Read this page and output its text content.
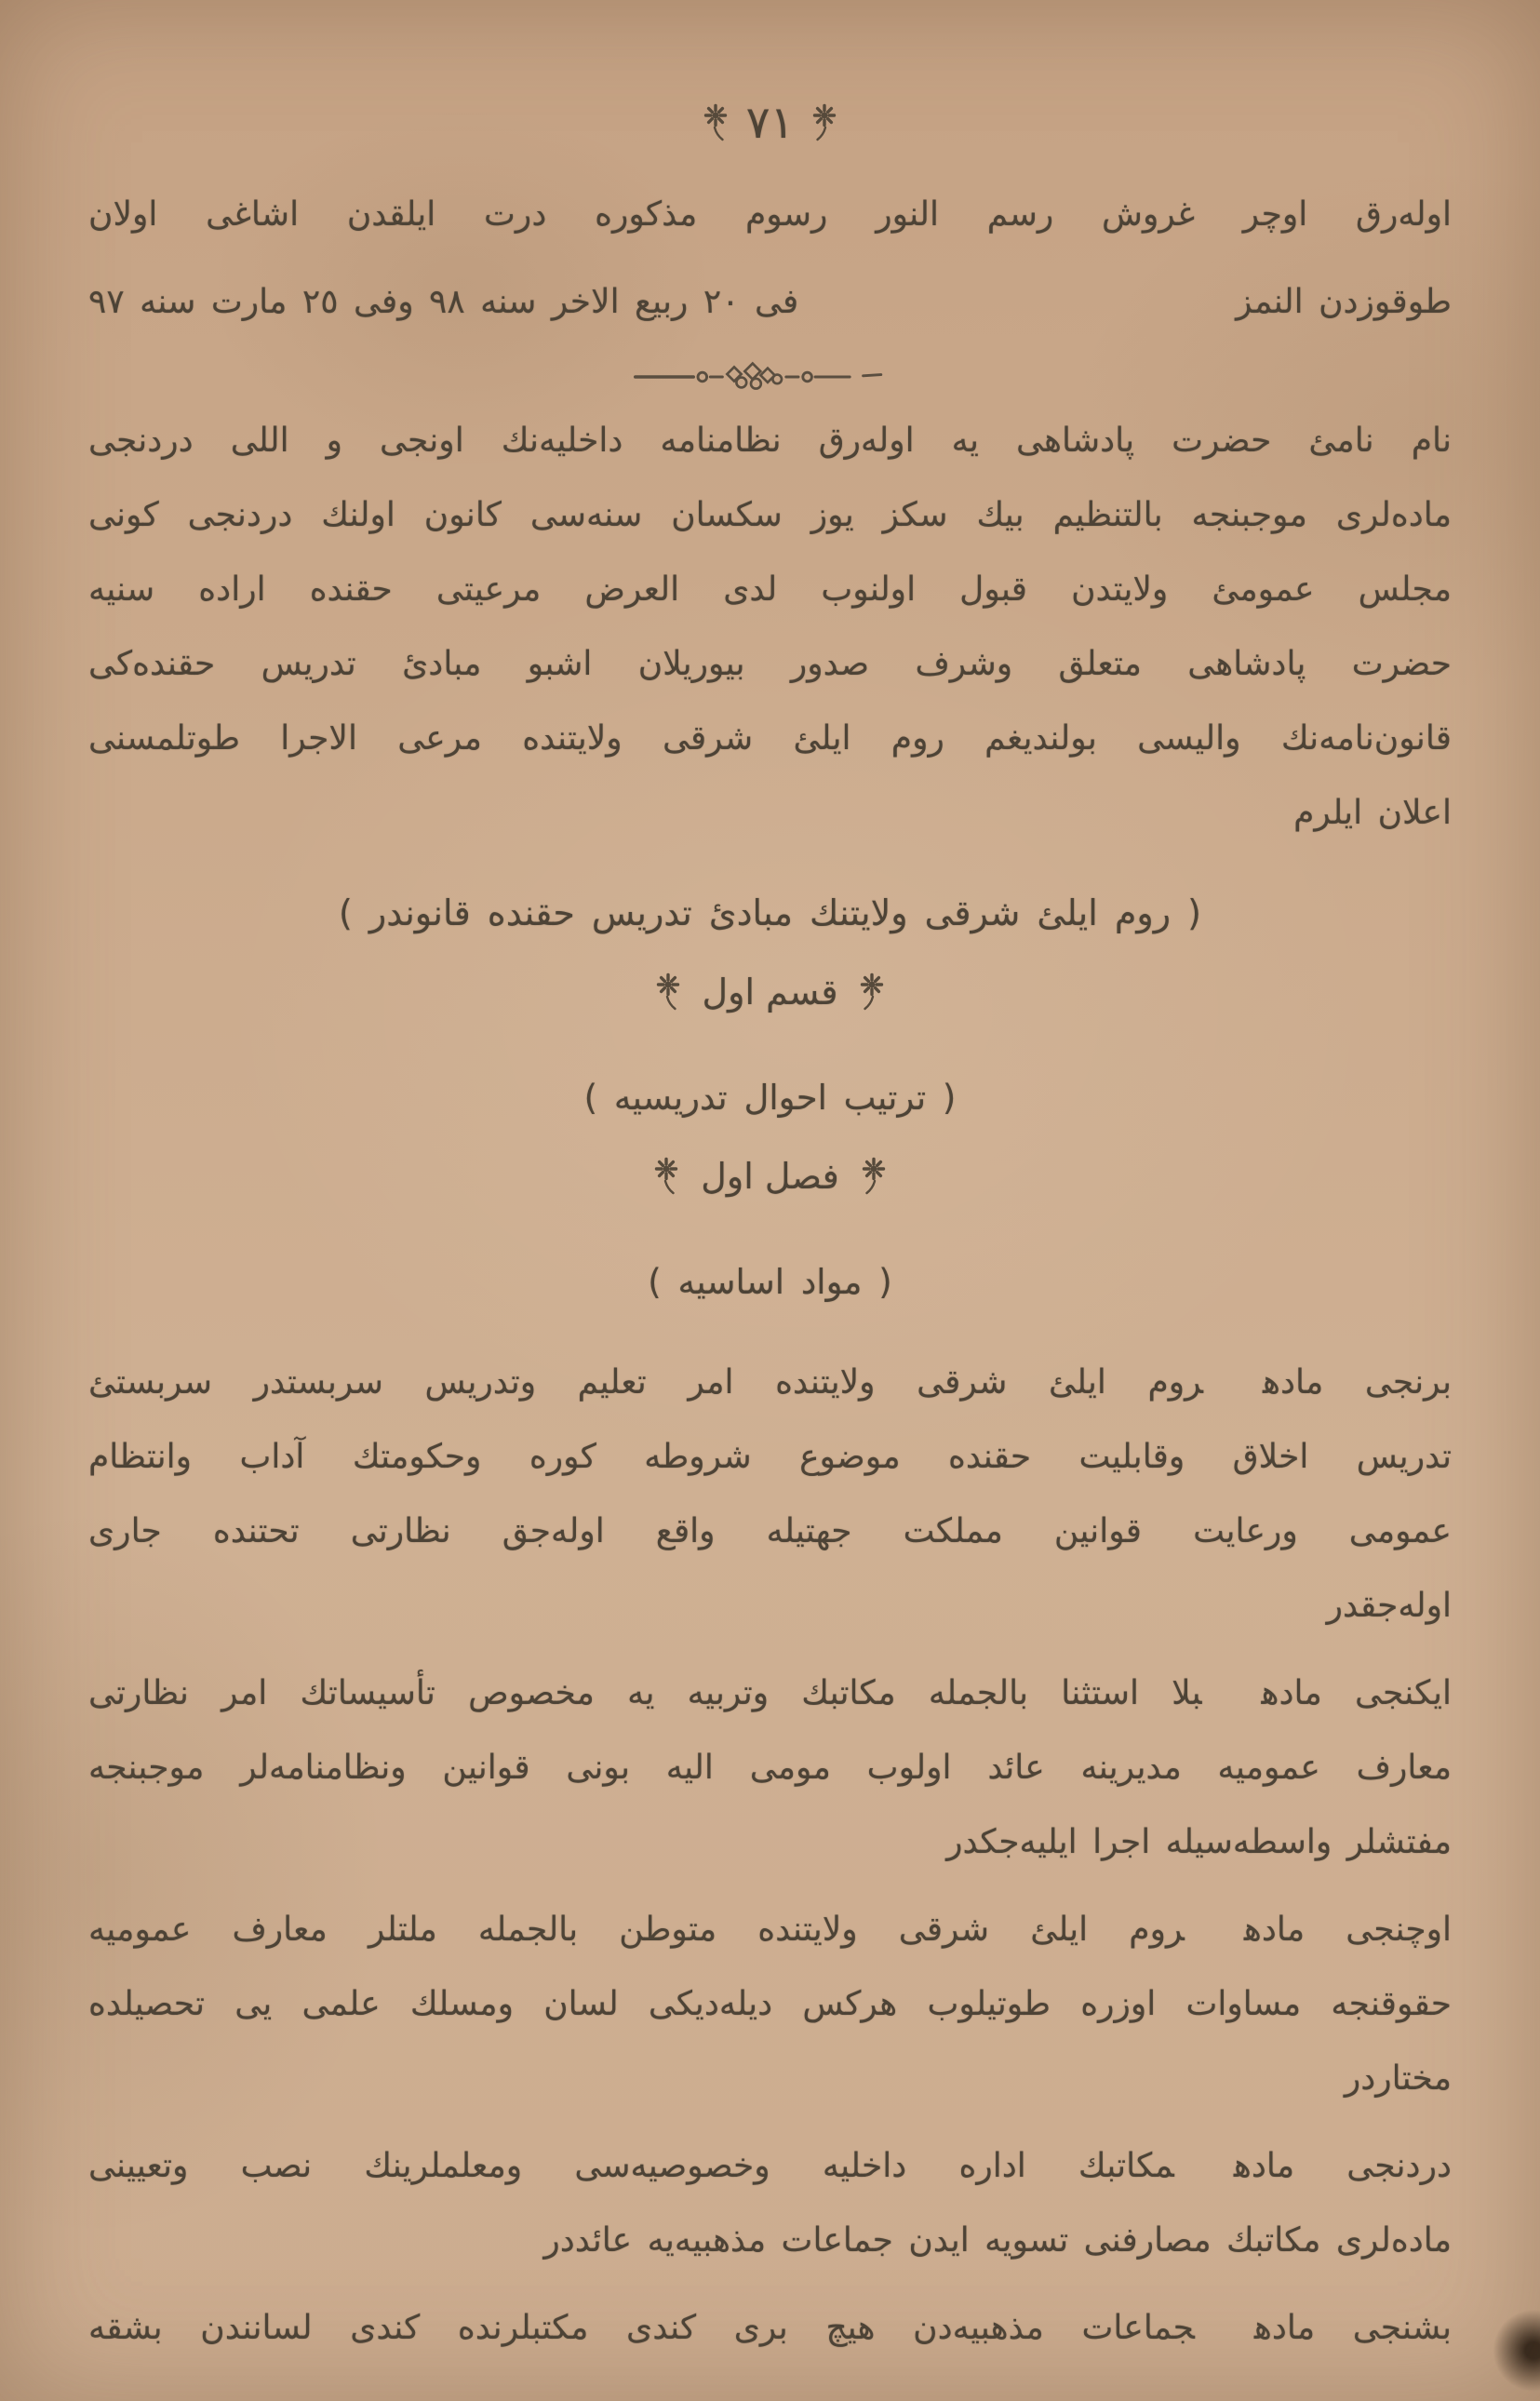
٧١
اوله‌رق اوچر غروش رسم النور رسوم مذكوره درت ايلقدن اشاغى اولان
طوقوزدن النمز
فى ٢٠ ربيع الاخر سنه ٩٨ وفى ٢٥ مارت سنه ٩٧
نام نامئ حضرت پادشاهى يه اوله‌رق نظامنامه داخليه‌نك اونجى و اللى دردنجى
ماده‌لرى موجبنجه بالتنظيم بيك سكز يوز سكسان سنه‌سى كانون اولنك دردنجى كونى
مجلس عمومئ ولايتدن قبول اولنوب لدى العرض مرعيتى حقنده اراده سنيه
حضرت پادشاهى متعلق وشرف صدور بيوريلان اشبو مبادئ تدريس حقنده‌كى
قانون‌نامه‌نك واليسى بولنديغم روم ايلئ شرقى ولايتنده مرعى الاجرا طوتلمسنى
اعلان ايلرم
( روم ايلئ شرقى ولايتنك مبادئ تدريس حقنده قانوندر )
قسم اول
( ترتيب احوال تدريسيه )
فصل اول
( مواد اساسيه )
برنجى مادهروم ايلئ شرقى ولايتنده امر تعليم وتدريس سربستدر سربستئ
تدريس اخلاق وقابليت حقنده موضوع شروطه كوره وحكومتك آداب وانتظام
عمومى ورعايت قوانين مملكت جهتيله واقع اوله‌جق نظارتى تحتنده جارى
اوله‌جقدر
ايكنجى مادهبلا استثنا بالجمله مكاتبك وتربيه يه مخصوص تأسيساتك امر نظارتى
معارف عموميه مديرينه عائد اولوب مومى اليه بونى قوانين ونظامنامه‌لر موجبنجه
مفتشلر واسطه‌سيله اجرا ايليه‌جكدر
اوچنجى مادهروم ايلئ شرقى ولايتنده متوطن بالجمله ملتلر معارف عموميه
حقوقنجه مساوات اوزره طوتيلوب هركس ديله‌ديكى لسان ومسلك علمى يى تحصيلده
مختاردر
دردنجى مادهمكاتبك اداره داخليه وخصوصيه‌سى ومعلملرينك نصب وتعيينى
ماده‌لرى مكاتبك مصارفنى تسويه ايدن جماعات مذهبيه‌يه عائددر
بشنجى مادهجماعات مذهبيه‌دن هيچ برى كندى مكتبلرنده كندى لسانندن بشقه
